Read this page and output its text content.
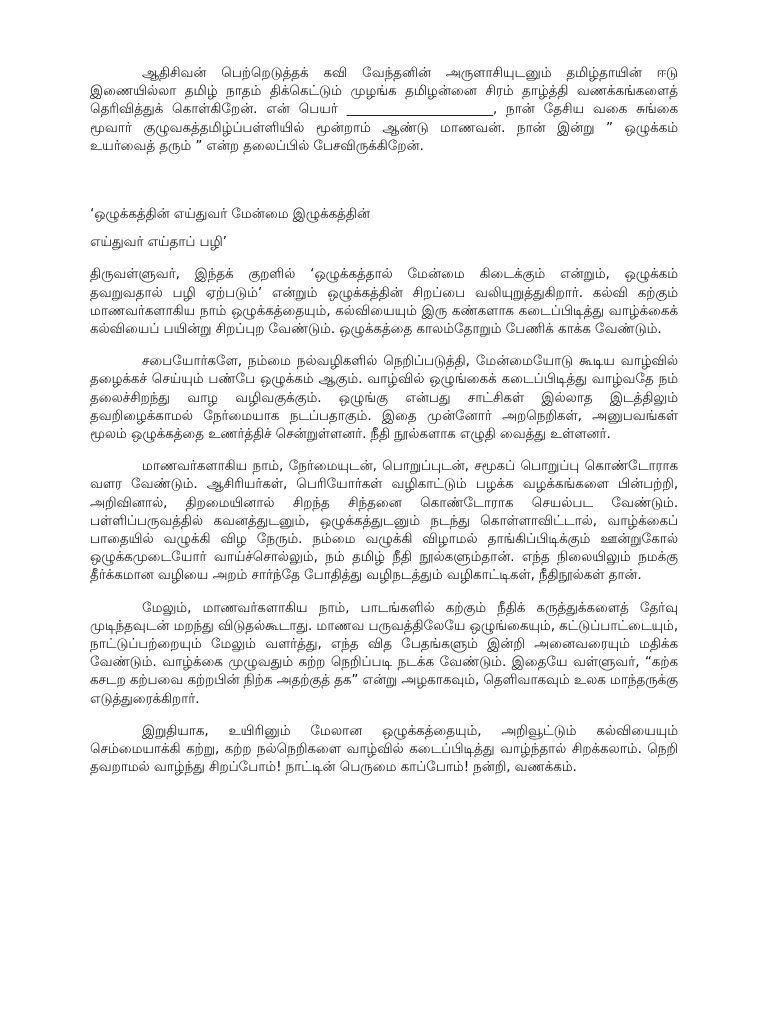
ஆதிசிவன் பெற்றெடுத்தக் கவி வேந்தனின் அருளாசியுடனும் தமிழ்தாயின் ஈடு இணையில்லா தமிழ் நாதம் திக்கெட்டும் முழங்க தமிழன்னை சிரம் தாழ்த்தி வணக்கங்களைத் தெரிவித்துக் கொள்கிறேன். என் பெயர் ______________________, நான் தேசிய வகை சுங்கை மூவார் குழுவகத்தமிழ்ப்பள்ளியில் மூன்றாம் ஆண்டு மாணவன். நான் இன்று ” ஒழுக்கம் உயர்வைத் தரும் ” என்ற தலைப்பில் பேசவிருக்கிறேன்.

‘ஒழுக்கத்தின் எய்துவர் மேன்மை இழுக்கத்தின்

எய்துவர் எய்தாப் பழி’

திருவள்ளுவர், இந்தக் குறளில் ‘ஒழுக்கத்தால் மேன்மை கிடைக்கும் என்றும், ஒழுக்கம் தவறுவதால் பழி ஏற்படும்’ என்றும் ஒழுக்கத்தின் சிறப்பை வலியுறுத்துகிறார். கல்வி கற்கும் மாணவர்களாகிய நாம் ஒழுக்கத்தையும், கல்வியையும் இரு கண்களாக கடைப்பிடித்து வாழ்க்கைக் கல்வியைப் பயின்று சிறப்புற வேண்டும். ஒழுக்கத்தை காலம்தோறும் பேணிக் காக்க வேண்டும்.

சபையோர்களே, நம்மை நல்வழிகளில் நெறிப்படுத்தி, மேன்மையோடு கூடிய வாழ்வில் தழைக்கச் செய்யும் பண்பே ஒழுக்கம் ஆகும். வாழ்வில் ஒழுங்கைக் கடைப்பிடித்து வாழ்வதே நம் தலைச்சிறந்து வாழ வழிவகுக்கும். ஒழுங்கு என்பது சாட்சிகள் இல்லாத இடத்திலும் தவறிழைக்காமல் நேர்மையாக நடப்பதாகும். இதை முன்னோர் அறநெறிகள், அனுபவங்கள் மூலம் ஒழுக்கத்தை உணர்த்திச் சென்றுள்ளனர். நீதி நூல்களாக எழுதி வைத்து உள்ளனர்.

மாணவர்களாகிய நாம், நேர்மையுடன், பொறுப்புடன், சமூகப் பொறுப்பு கொண்டோராக வளர வேண்டும். ஆசிரியர்கள், பெரியோர்கள் வழிகாட்டும் பழக்க வழக்கங்களை பின்பற்றி, அறிவினால், திறமையினால் சிறந்த சிந்தனை கொண்டோராக செயல்பட வேண்டும். பள்ளிப்பருவத்தில் கவனத்துடனும், ஒழுக்கத்துடனும் நடந்து கொள்ளாவிட்டால், வாழ்க்கைப் பாதையில் வழுக்கி விழ நேரும். நம்மை வழுக்கி விழாமல் தாங்கிப்பிடிக்கும் ஊன்றுகோல் ஒழுக்கமுடையோர் வாய்ச்சொல்லும், நம் தமிழ் நீதி நூல்களும்தான். எந்த நிலையிலும் நமக்கு தீர்க்கமான வழியை அறம் சார்ந்தே போதித்து வழிநடத்தும் வழிகாட்டிகள், நீதிநூல்கள் தான்.

மேலும், மாணவர்களாகிய நாம், பாடங்களில் கற்கும் நீதிக் கருத்துக்களைத் தேர்வு முடிந்தவுடன் மறந்து விடுதல்கூடாது. மாணவ பருவத்திலேயே ஒழுங்கையும், கட்டுப்பாட்டையும், நாட்டுப்பற்றையும் மேலும் வளர்த்து, எந்த வித பேதங்களும் இன்றி அனைவரையும் மதிக்க வேண்டும். வாழ்க்கை முழுவதும் கற்ற நெறிப்படி நடக்க வேண்டும். இதையே வள்ளுவர், “கற்க கசடற கற்பவை கற்றபின் நிற்க அதற்குத் தக” என்று அழகாகவும், தெளிவாகவும் உலக மாந்தருக்கு எடுத்துரைக்கிறார்.

இறுதியாக, உயிரினும் மேலான ஒழுக்கத்தையும், அறிவூட்டும் கல்வியையும் செம்மையாக்கி கற்று, கற்ற நல்நெறிகளை வாழ்வில் கடைப்பிடித்து வாழ்ந்தால் சிறக்கலாம். நெறி தவறாமல் வாழ்ந்து சிறப்போம்! நாட்டின் பெருமை காப்போம்! நன்றி, வணக்கம்.
